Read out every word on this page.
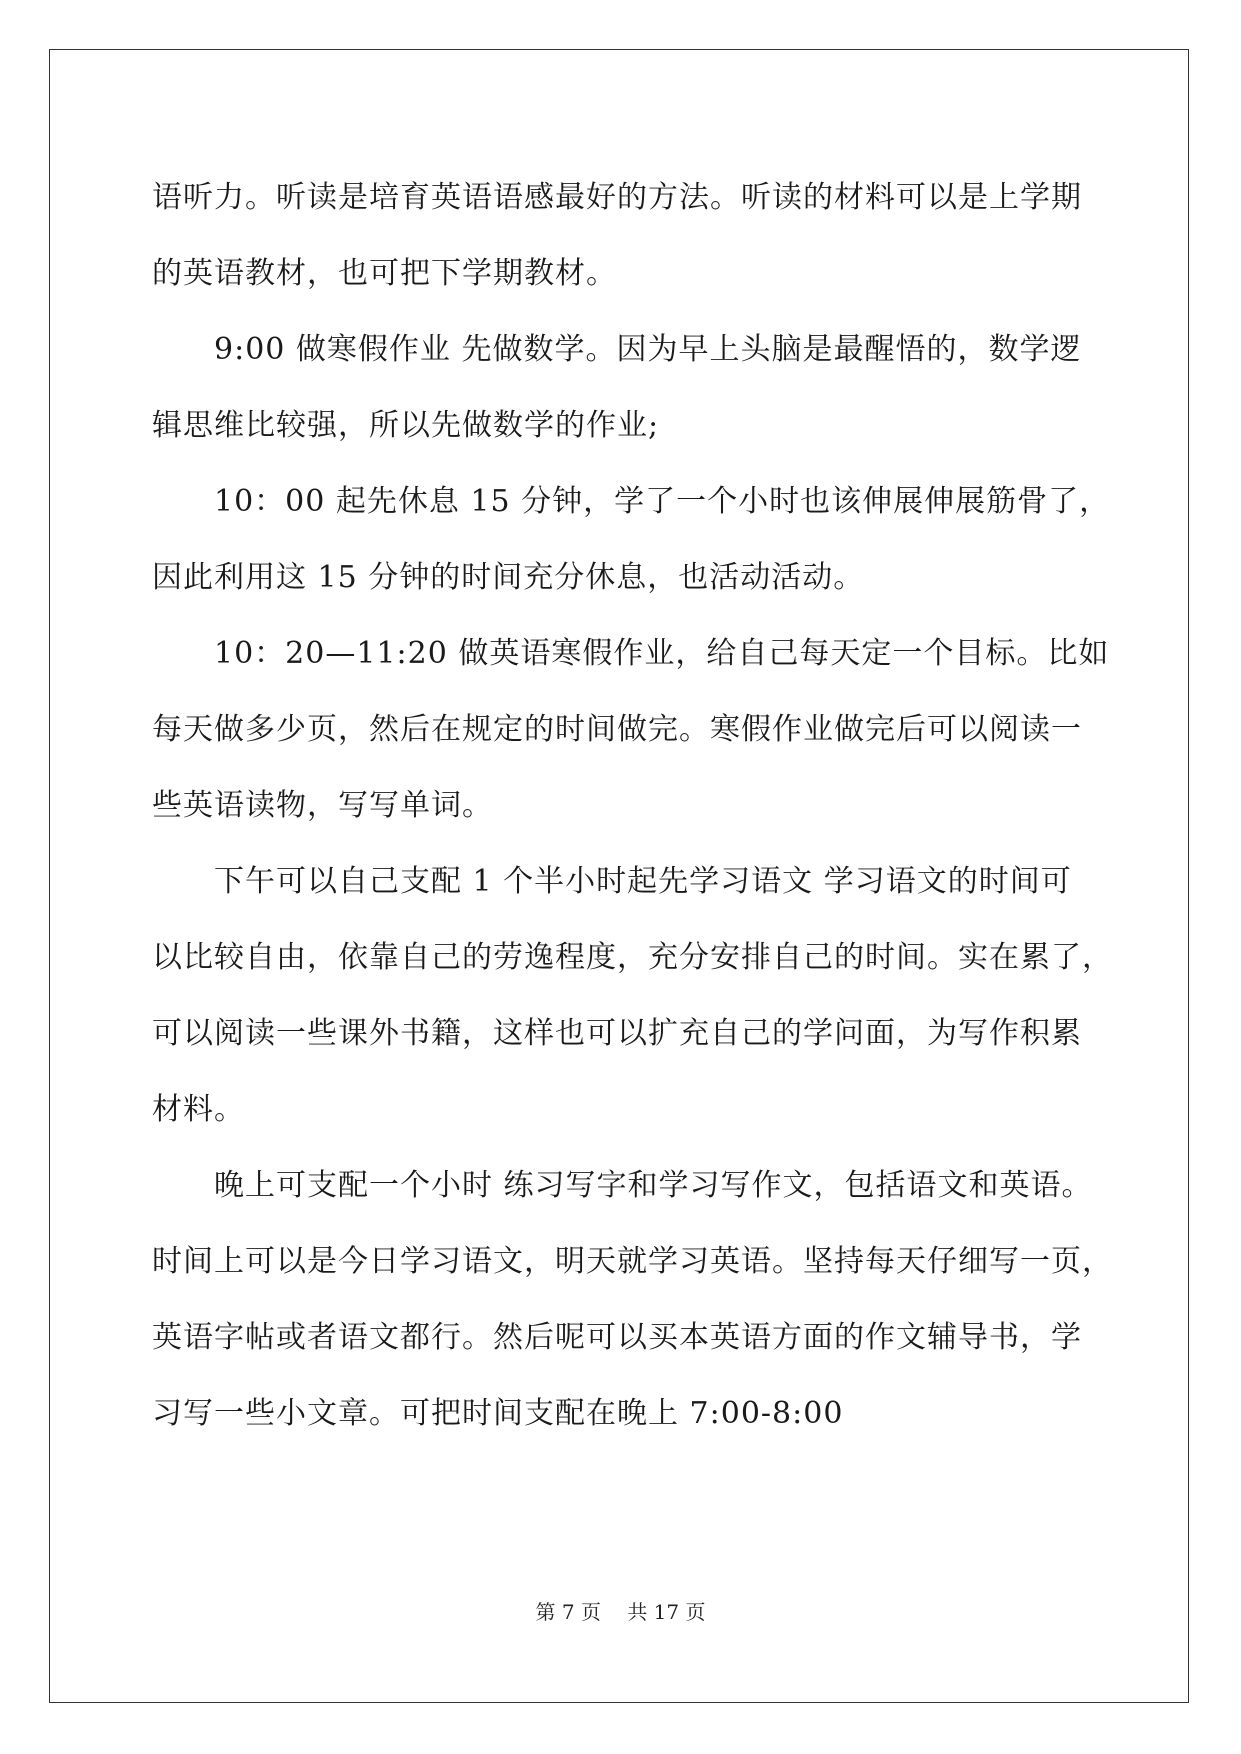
语听力。听读是培育英语语感最好的方法。听读的材料可以是上学期

的英语教材，也可把下学期教材。

9:00 做寒假作业 先做数学。因为早上头脑是最醒悟的，数学逻

辑思维比较强，所以先做数学的作业;

10：00 起先休息 15 分钟，学了一个小时也该伸展伸展筋骨了，

因此利用这 15 分钟的时间充分休息，也活动活动。

10：20—11:20 做英语寒假作业，给自己每天定一个目标。比如

每天做多少页，然后在规定的时间做完。寒假作业做完后可以阅读一

些英语读物，写写单词。

下午可以自己支配 1 个半小时起先学习语文 学习语文的时间可

以比较自由，依靠自己的劳逸程度，充分安排自己的时间。实在累了，

可以阅读一些课外书籍，这样也可以扩充自己的学问面，为写作积累

材料。

晚上可支配一个小时 练习写字和学习写作文，包括语文和英语。

时间上可以是今日学习语文，明天就学习英语。坚持每天仔细写一页，

英语字帖或者语文都行。然后呢可以买本英语方面的作文辅导书，学

习写一些小文章。可把时间支配在晚上 7:00-8:00

第 7 页 共 17 页
